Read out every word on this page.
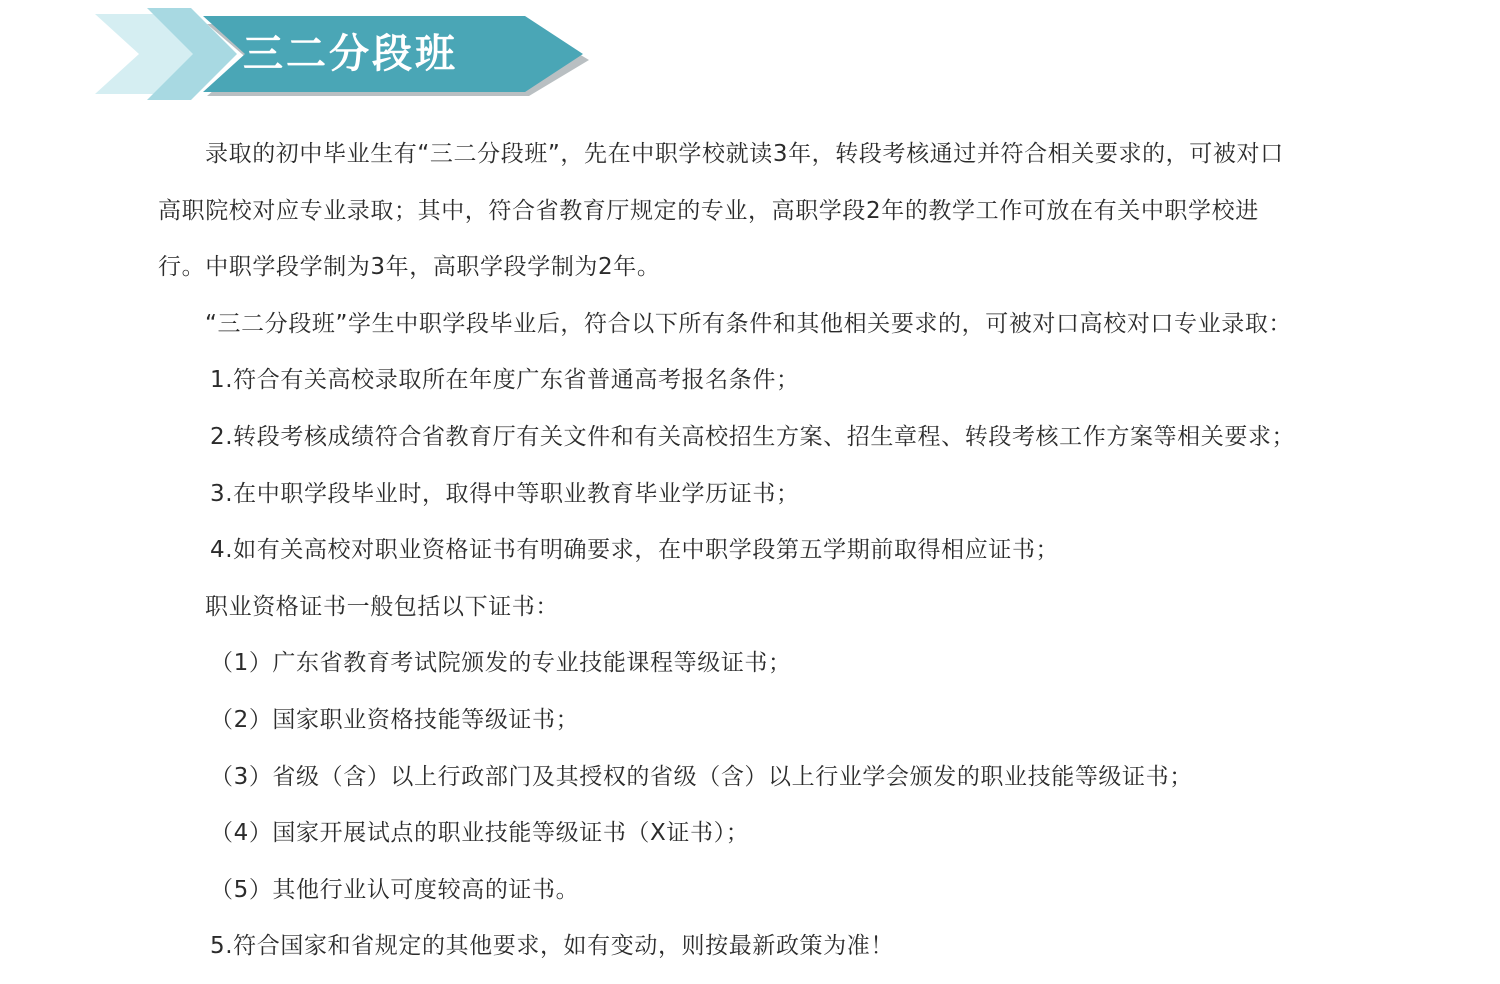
三二分段班
录取的初中毕业生有“三二分段班”，先在中职学校就读3年，转段考核通过并符合相关要求的，可被对口
高职院校对应专业录取；其中，符合省教育厅规定的专业，高职学段2年的教学工作可放在有关中职学校进
行。中职学段学制为3年，高职学段学制为2年。
“三二分段班”学生中职学段毕业后，符合以下所有条件和其他相关要求的，可被对口高校对口专业录取：
1.符合有关高校录取所在年度广东省普通高考报名条件；
2.转段考核成绩符合省教育厅有关文件和有关高校招生方案、招生章程、转段考核工作方案等相关要求；
3.在中职学段毕业时，取得中等职业教育毕业学历证书；
4.如有关高校对职业资格证书有明确要求，在中职学段第五学期前取得相应证书；
职业资格证书一般包括以下证书：
（1）广东省教育考试院颁发的专业技能课程等级证书；
（2）国家职业资格技能等级证书；
（3）省级（含）以上行政部门及其授权的省级（含）以上行业学会颁发的职业技能等级证书；
（4）国家开展试点的职业技能等级证书（X证书）；
（5）其他行业认可度较高的证书。
5.符合国家和省规定的其他要求，如有变动，则按最新政策为准！
